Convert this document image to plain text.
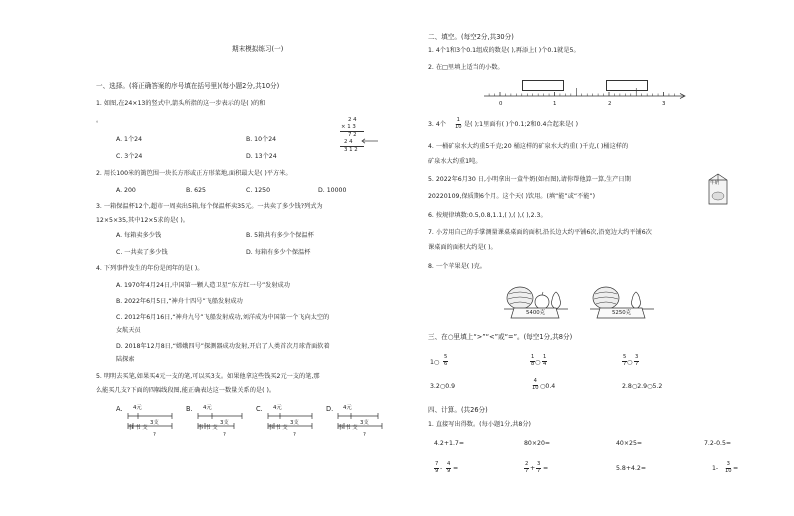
期末模拟练习(一)
一、选择。(将正确答案的序号填在括号里)(每小题2分,共10分)
1. 如图,在24×13的竖式中,箭头所指的这一步表示的是( )的和
。
A. 1个24	B. 10个24
C. 3个24	D. 13个24
2 4
× 1 3
7 2
2 4
3 1 2
2. 用长100米的篱笆围一块长方形或正方形菜地,面积最大是( )平方米。
A. 200	B. 625	C. 1250	D. 10000
3. 一箱保温杯12个,超市一周卖出5箱,每个保温杯卖35元。一共卖了多少钱?列式为
12×5×35,其中12×5求的是( )。
A. 每箱卖多少钱	B. 5箱共有多少个保温杯
C. 一共卖了多少钱	D. 每箱有多少个保温杯
4. 下列事件发生的年份是闰年的是( )。
A. 1970年4月24日,中国第一颗人造卫星“东方红一号”发射成功
B. 2022年6月5日,“神舟十四号”飞船发射成功
C. 2012年6月16日,“神舟九号”飞船发射成功,刘洋成为中国第一个飞向太空的
女航天员
D. 2018年12月8日,“嫦娥四号”探测器成功发射,开启了人类首次月球背面软着
陆探索
5. 明明去买笔,如果买4元一支的笔,可以买3支。如果他拿这些钱买2元一支的笔,那
么能买几支?下面的四幅线段图,能正确表达这一数量关系的是( )。
A. 4元
3支
事 书 支
?
B. 4元
3支
事 书 支
?
C. 4元
3支
事 书 支
?
D. 4元
3支
事 书 支
?
二、填空。(每空2分,共30分)
1. 4个1和3个0.1组成的数是( ),再添上( )个0.1就是5。
2. 在□里填上适当的小数。
0	1	2	3
3. 4个 $\frac{1}{10}$ 是( );1里面有( )个0.1;2和0.4合起来是( )
4. 一桶矿泉水大约重5千克;20 桶这样的矿泉水大约重( )千克,( )桶这样的
矿泉水大约重1吨。
5. 2022年6月30 日,小明拿出一盒牛奶(如右图),请你帮他算一算,生产日期
20220109,保质期6个月。这个天( )饮用。(填“能”或“不能”)
牛奶
6. 按规律填数:0.5,0.8,1.1,( ),( ),( ),2.3。
7. 小芳用自己的手掌测量课桌桌面的面积,沿长边大约平铺6次,沿宽边大约平铺6次
课桌面的面积大约是( )。
8. 一个苹果是( )克。
5400克	5250克
三、在○里填上“>”“<”或“=”。(每空1分,共8分)
1○ $\frac{5}{6}$	$\frac{1}{8}$ ○ $\frac{1}{4}$	$\frac{5}{7}$ ○ $\frac{3}{7}$
3.2○0.9	$\frac{4}{10}$ ○0.4	2.8○2.9○5.2
四、计算。(共26分)
1. 直接写出得数。(每小题1分,共8分)
4.2+1.7=	80×20=	40×25=	7.2-0.5=
$\frac{7}{9} - \frac{4}{9}$ =	$\frac{2}{7} + \frac{3}{7}$ =	5.8+4.2=	$1- \frac{3}{10}$ =
